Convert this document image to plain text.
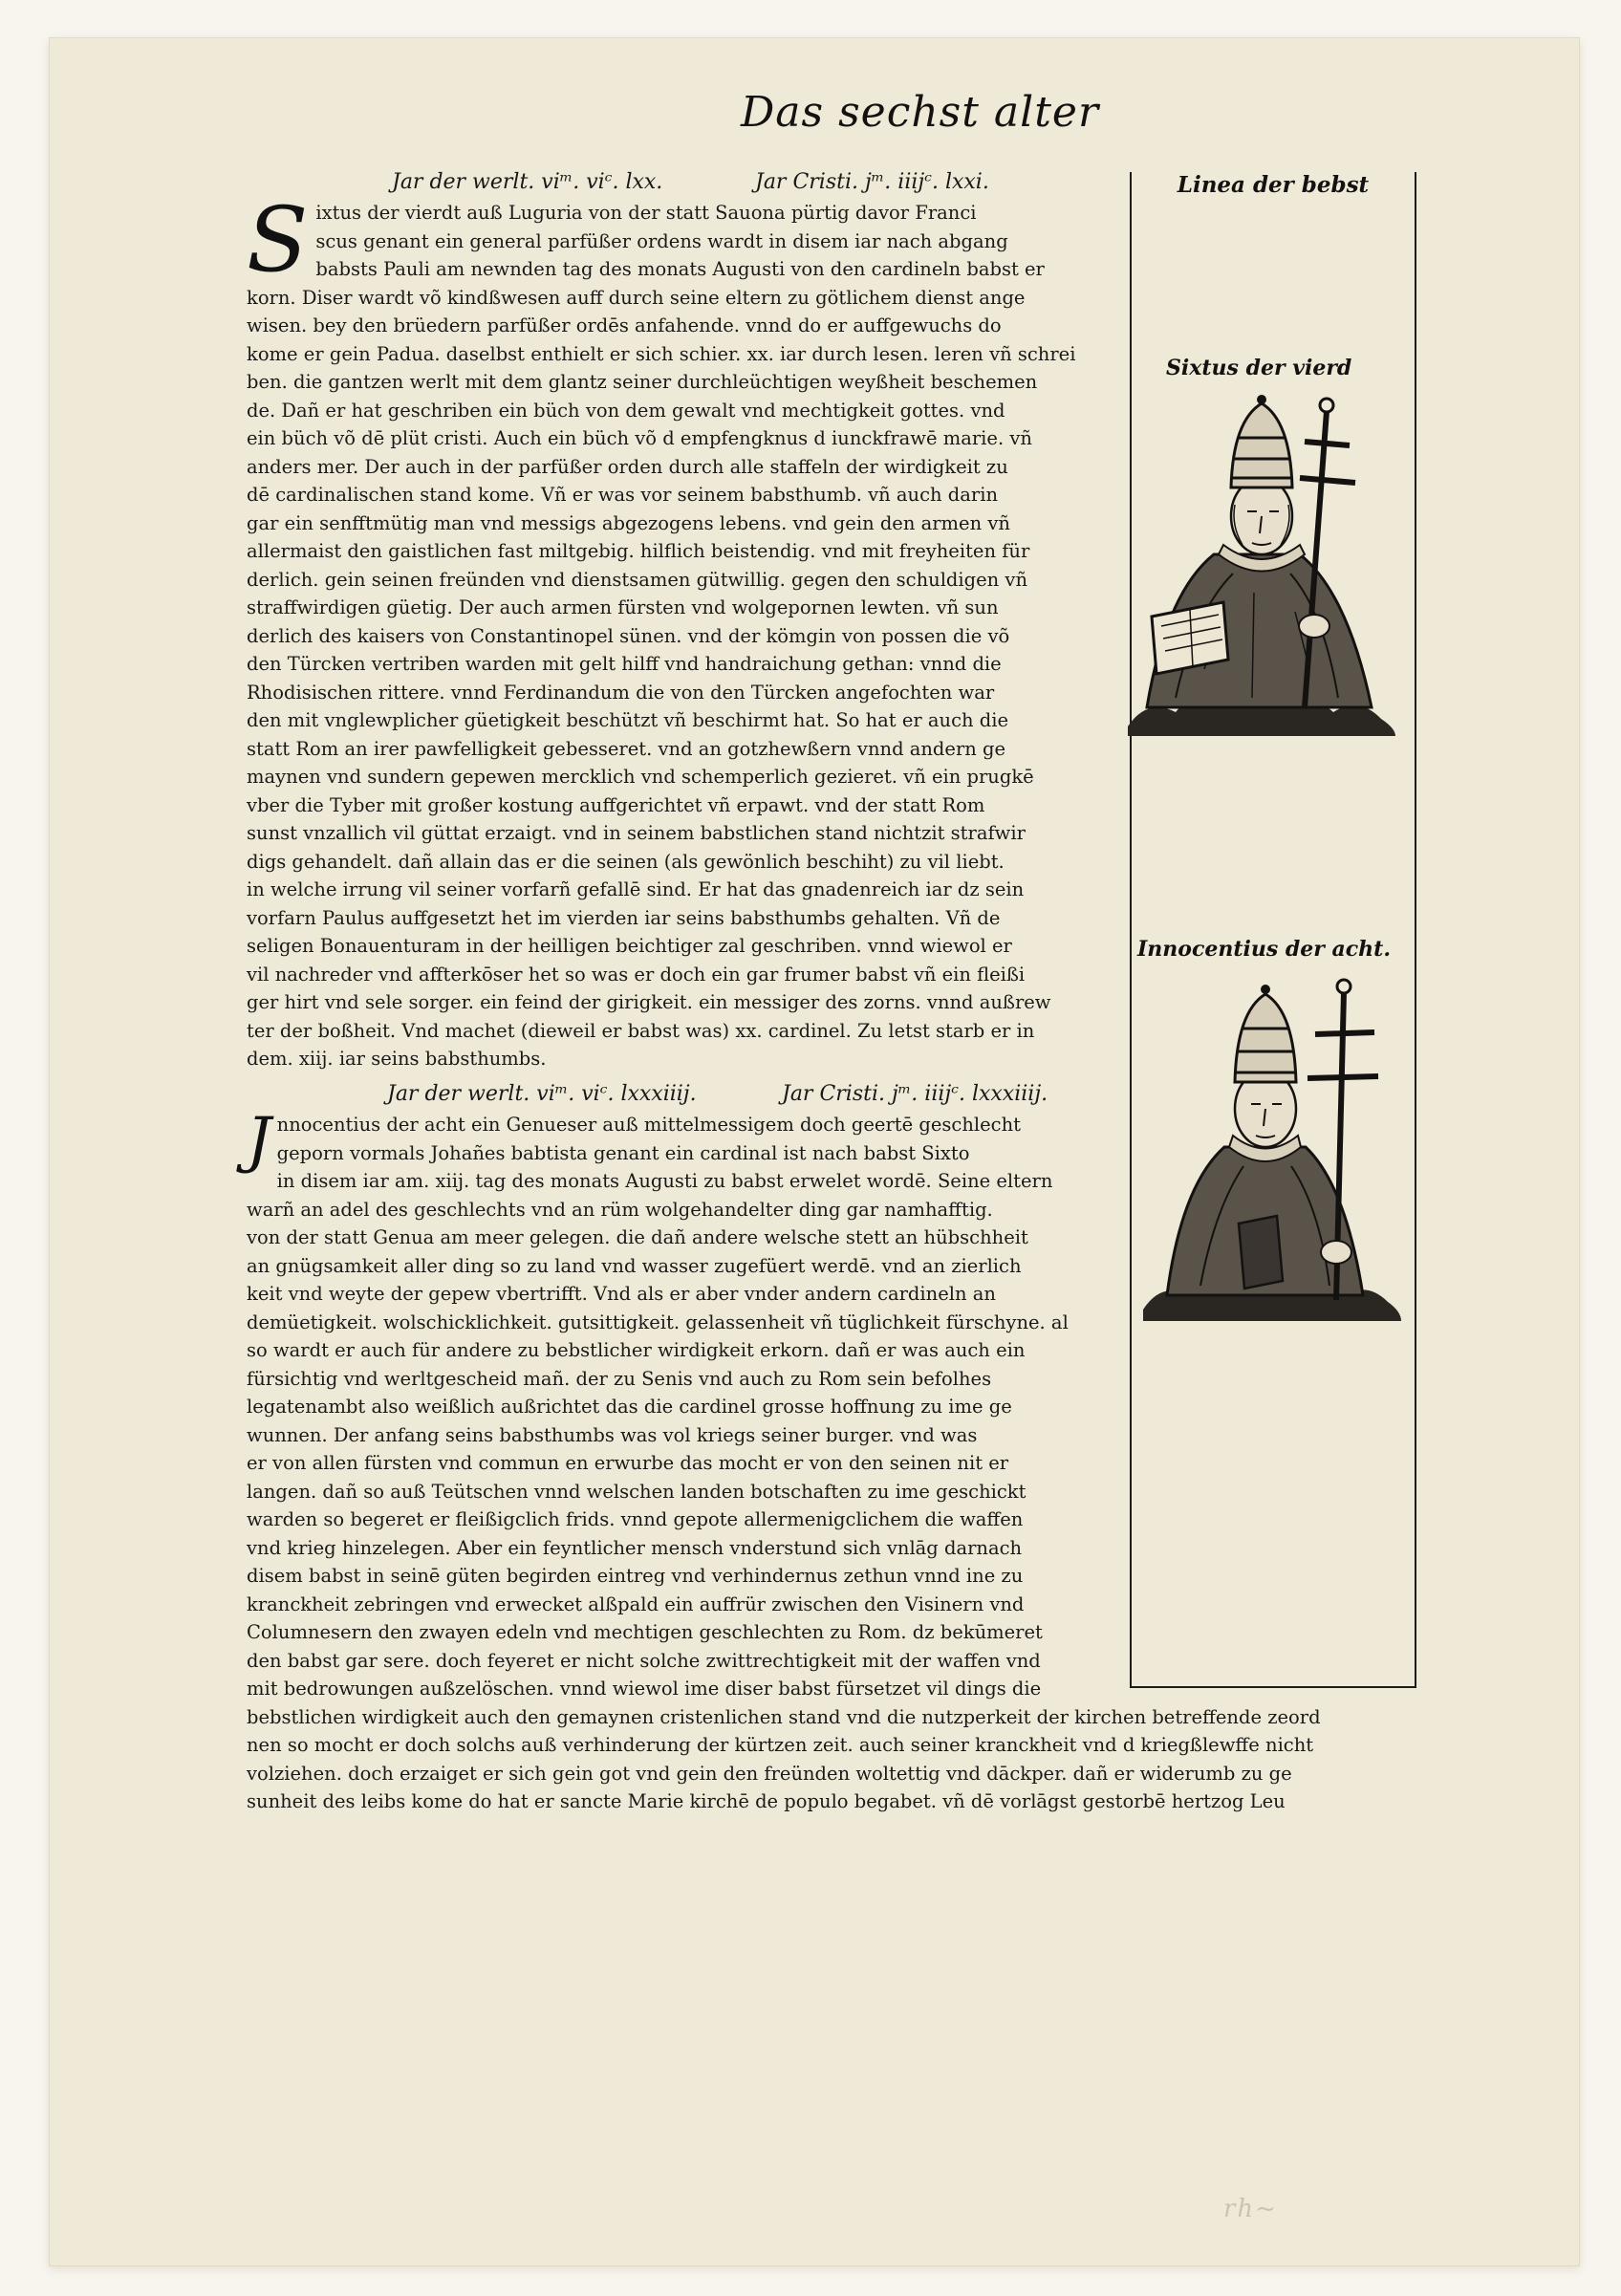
Das sechst alter
Jar der werlt. viᵐ. viᶜ. lxx.	Jar Cristi. jᵐ. iiijᶜ. lxxi.
S ixtus der vierdt auß Luguria von der statt Sauona pürtig davor Franci
scus genant ein general parfüßer ordens wardt in disem iar nach abgang
babsts Pauli am newnden tag des monats Augusti von den cardineln babst er
korn. Diser wardt võ kindßwesen auff durch seine eltern zu götlichem dienst ange
wisen. bey den brüedern parfüßer ordēs anfahende. vnnd do er auffgewuchs do
kome er gein Padua. daselbst enthielt er sich schier. xx. iar durch lesen. leren vñ schrei
ben. die gantzen werlt mit dem glantz seiner durchleüchtigen weyßheit beschemen
de. Dañ er hat geschriben ein büch von dem gewalt vnd mechtigkeit gottes. vnd
ein büch võ dē plüt cristi. Auch ein büch võ d empfengknus d iunckfrawē marie. vñ
anders mer. Der auch in der parfüßer orden durch alle staffeln der wirdigkeit zu
dē cardinalischen stand kome. Vñ er was vor seinem babsthumb. vñ auch darin
gar ein senfftmütig man vnd messigs abgezogens lebens. vnd gein den armen vñ
allermaist den gaistlichen fast miltgebig. hilflich beistendig. vnd mit freyheiten für
derlich. gein seinen freünden vnd dienstsamen gütwillig. gegen den schuldigen vñ
straffwirdigen güetig. Der auch armen fürsten vnd wolgepornen lewten. vñ sun
derlich des kaisers von Constantinopel sünen. vnd der kömgin von possen die võ
den Türcken vertriben warden mit gelt hilff vnd handraichung gethan: vnnd die
Rhodisischen rittere. vnnd Ferdinandum die von den Türcken angefochten war
den mit vnglewplicher güetigkeit beschützt vñ beschirmt hat. So hat er auch die
statt Rom an irer pawfelligkeit gebesseret. vnd an gotzhewßern vnnd andern ge
maynen vnd sundern gepewen mercklich vnd schemperlich gezieret. vñ ein prugkē
vber die Tyber mit großer kostung auffgerichtet vñ erpawt. vnd der statt Rom
sunst vnzallich vil güttat erzaigt. vnd in seinem babstlichen stand nichtzit strafwir
digs gehandelt. dañ allain das er die seinen (als gewönlich beschiht) zu vil liebt.
in welche irrung vil seiner vorfarñ gefallē sind. Er hat das gnadenreich iar dz sein
vorfarn Paulus auffgesetzt het im vierden iar seins babsthumbs gehalten. Vñ de
seligen Bonauenturam in der heilligen beichtiger zal geschriben. vnnd wiewol er
vil nachreder vnd affterkōser het so was er doch ein gar frumer babst vñ ein fleißi
ger hirt vnd sele sorger. ein feind der girigkeit. ein messiger des zorns. vnnd außrew
ter der boßheit. Vnd machet (dieweil er babst was) xx. cardinel. Zu letst starb er in
dem. xiij. iar seins babsthumbs.
Jar der werlt. viᵐ. viᶜ. lxxxiiij.	Jar Cristi. jᵐ. iiijᶜ. lxxxiiij.
J nnocentius der acht ein Genueser auß mittelmessigem doch geertē geschlecht
geporn vormals Johañes babtista genant ein cardinal ist nach babst Sixto
in disem iar am. xiij. tag des monats Augusti zu babst erwelet wordē. Seine eltern
warñ an adel des geschlechts vnd an rüm wolgehandelter ding gar namhafftig.
von der statt Genua am meer gelegen. die dañ andere welsche stett an hübschheit
an gnügsamkeit aller ding so zu land vnd wasser zugefüert werdē. vnd an zierlich
keit vnd weyte der gepew vbertrifft. Vnd als er aber vnder andern cardineln an
demüetigkeit. wolschicklichkeit. gutsittigkeit. gelassenheit vñ tüglichkeit fürschyne. al
so wardt er auch für andere zu bebstlicher wirdigkeit erkorn. dañ er was auch ein
fürsichtig vnd werltgescheid mañ. der zu Senis vnd auch zu Rom sein befolhes
legatenambt also weißlich außrichtet das die cardinel grosse hoffnung zu ime ge
wunnen. Der anfang seins babsthumbs was vol kriegs seiner burger. vnd was
er von allen fürsten vnd commun en erwurbe das mocht er von den seinen nit er
langen. dañ so auß Teütschen vnnd welschen landen botschaften zu ime geschickt
warden so begeret er fleißigclich frids. vnnd gepote allermenigclichem die waffen
vnd krieg hinzelegen. Aber ein feyntlicher mensch vnderstund sich vnlāg darnach
disem babst in seinē güten begirden eintreg vnd verhindernus zethun vnnd ine zu
kranckheit zebringen vnd erwecket alßpald ein auffrür zwischen den Visinern vnd
Columnesern den zwayen edeln vnd mechtigen geschlechten zu Rom. dz bekūmeret
den babst gar sere. doch feyeret er nicht solche zwittrechtigkeit mit der waffen vnd
mit bedrowungen außzelöschen. vnnd wiewol ime diser babst fürsetzet vil dings die
bebstlichen wirdigkeit auch den gemaynen cristenlichen stand vnd die nutzperkeit der kirchen betreffende zeord
nen so mocht er doch solchs auß verhinderung der kürtzen zeit. auch seiner kranckheit vnd d kriegßlewffe nicht
volziehen. doch erzaiget er sich gein got vnd gein den freünden woltettig vnd dāckper. dañ er widerumb zu ge
sunheit des leibs kome do hat er sancte Marie kirchē de populo begabet. vñ dē vorlāgst gestorbē hertzog Leu
Linea der bebst
Sixtus der vierd
Innocentius der acht.
rh~
